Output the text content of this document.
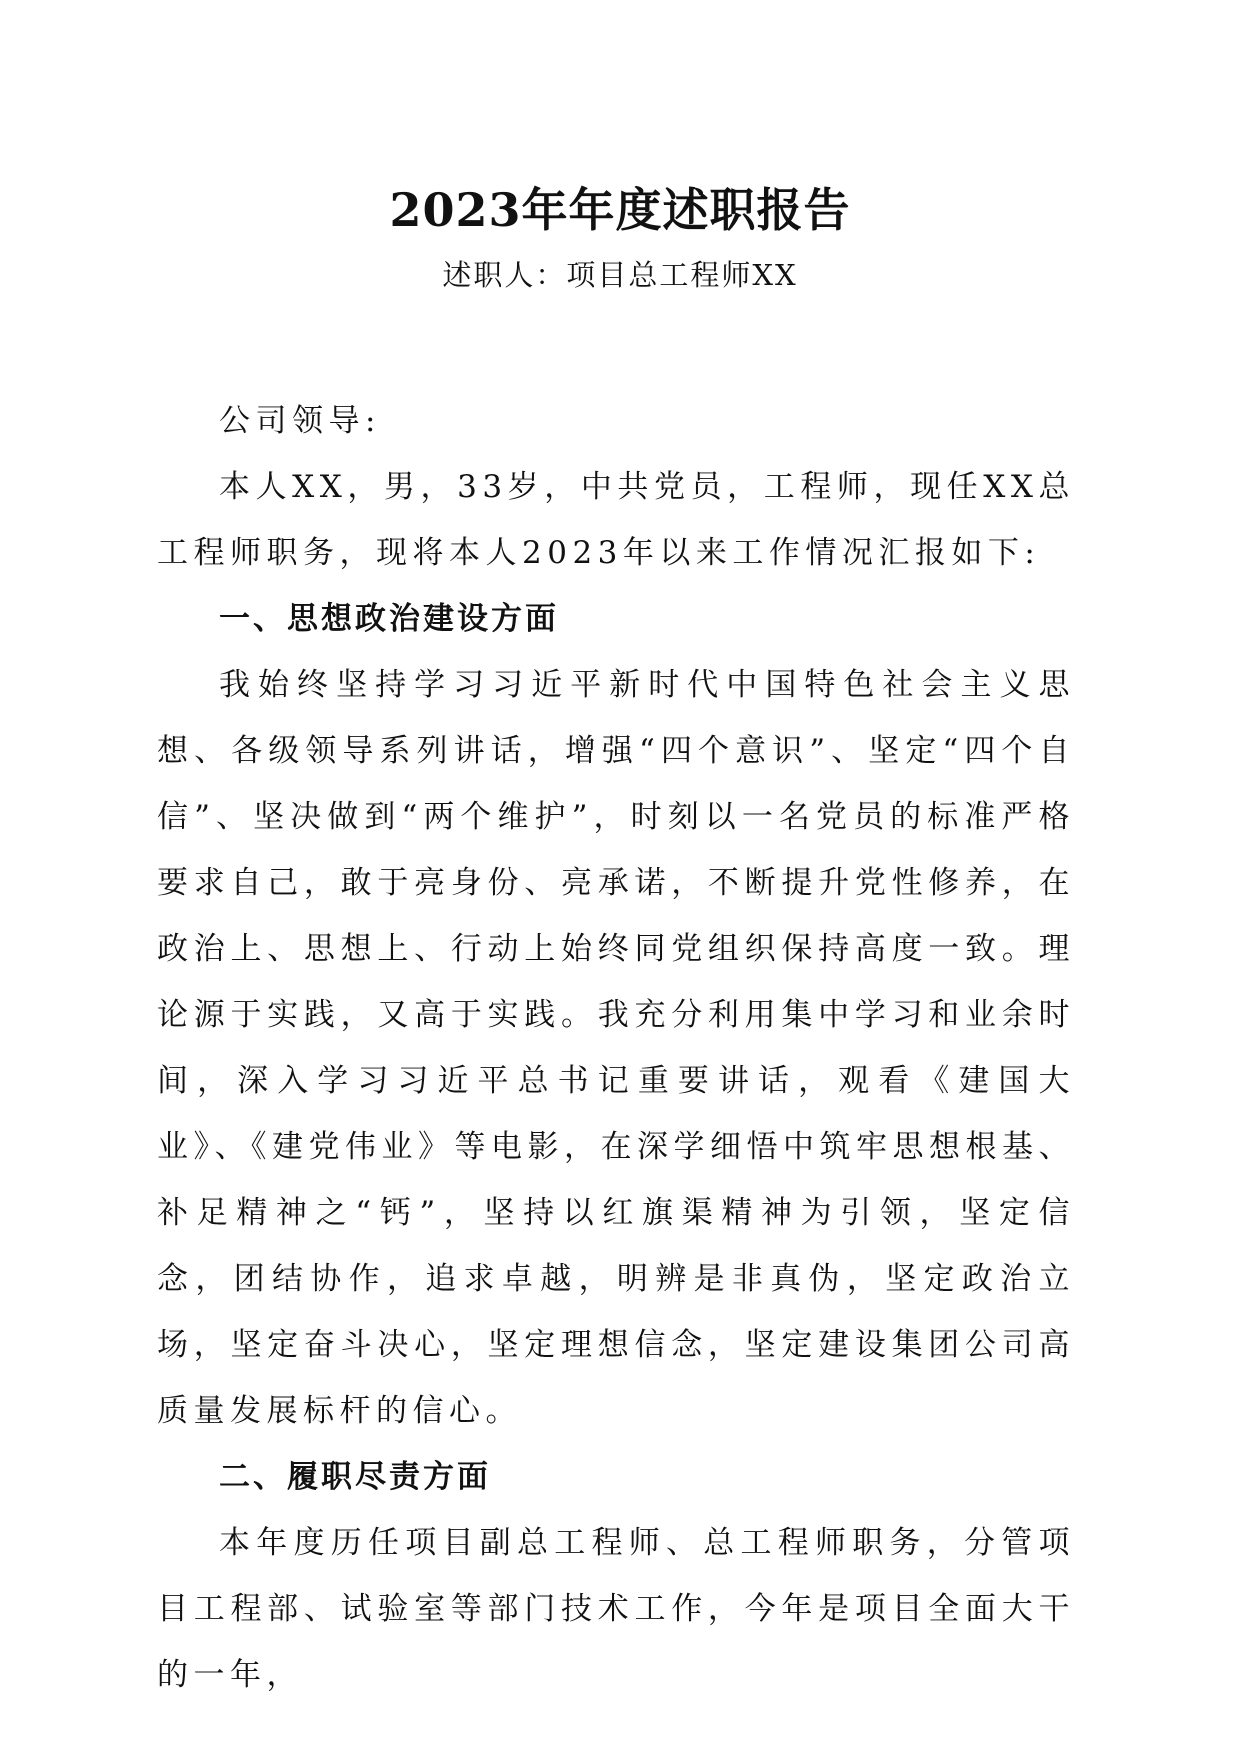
2023年年度述职报告
述职人：项目总工程师XX

公司领导:

本人XX，男，33岁，中共党员，工程师，现任XX总工程师职务，现将本人2023年以来工作情况汇报如下:

一、思想政治建设方面

我始终坚持学习习近平新时代中国特色社会主义思想、各级领导系列讲话，增强“四个意识”、坚定“四个自信”、坚决做到“两个维护”，时刻以一名党员的标准严格要求自己，敢于亮身份、亮承诺，不断提升党性修养，在政治上、思想上、行动上始终同党组织保持高度一致。理论源于实践，又高于实践。我充分利用集中学习和业余时间，深入学习习近平总书记重要讲话，观看《建国大业》、《建党伟业》等电影，在深学细悟中筑牢思想根基、补足精神之“钙”，坚持以红旗渠精神为引领，坚定信念，团结协作，追求卓越，明辨是非真伪，坚定政治立场，坚定奋斗决心，坚定理想信念，坚定建设集团公司高质量发展标杆的信心。

二、履职尽责方面

本年度历任项目副总工程师、总工程师职务，分管项目工程部、试验室等部门技术工作，今年是项目全面大干的一年，
